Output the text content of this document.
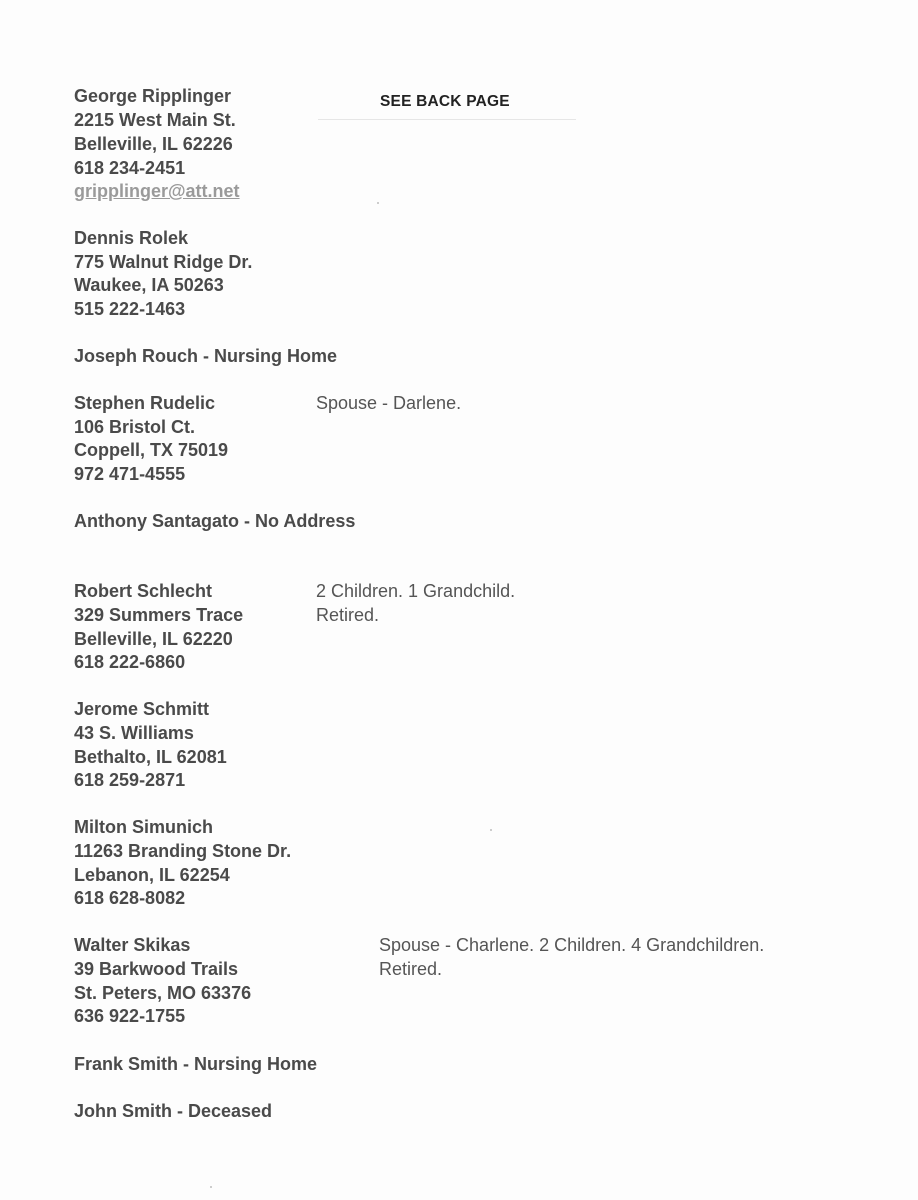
SEE BACK PAGE
George Ripplinger
2215 West Main St.
Belleville, IL 62226
618 234-2451
gripplinger@att.net
Dennis Rolek
775 Walnut Ridge Dr.
Waukee, IA 50263
515 222-1463
Joseph Rouch - Nursing Home
Stephen Rudelic	Spouse - Darlene.
106 Bristol Ct.
Coppell, TX 75019
972 471-4555
Anthony Santagato - No Address
Robert Schlecht	2 Children. 1 Grandchild.
329 Summers Trace	Retired.
Belleville, IL 62220
618 222-6860
Jerome Schmitt
43 S. Williams
Bethalto, IL 62081
618 259-2871
Milton Simunich
11263 Branding Stone Dr.
Lebanon, IL 62254
618 628-8082
Walter Skikas	Spouse - Charlene. 2 Children. 4 Grandchildren.
39 Barkwood Trails	Retired.
St. Peters, MO 63376
636 922-1755
Frank Smith - Nursing Home
John Smith - Deceased
